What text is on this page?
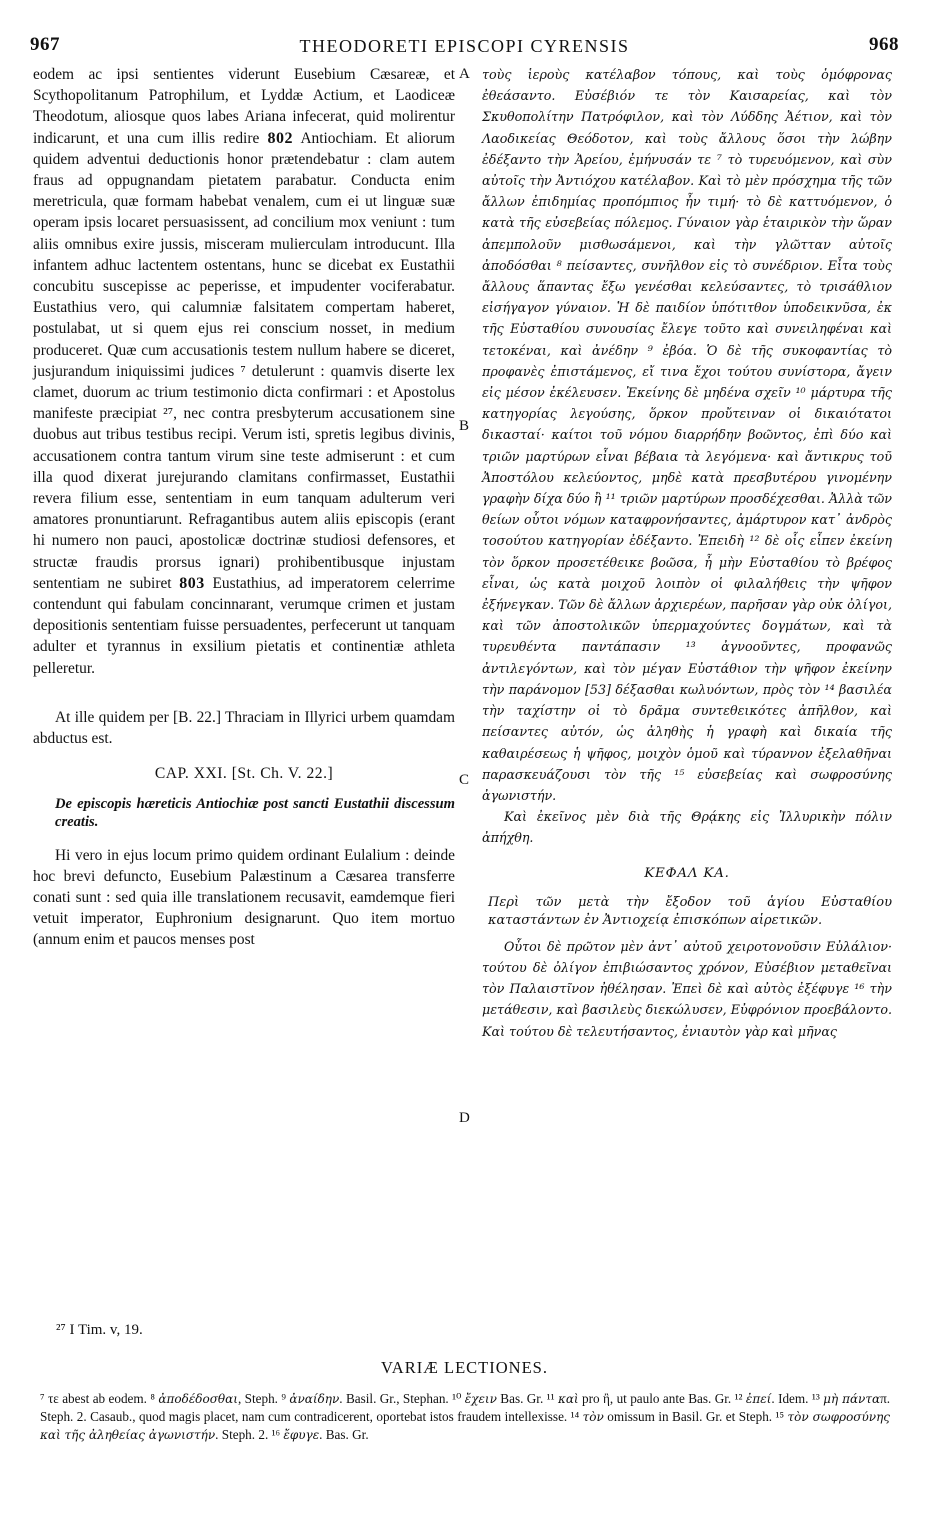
967	THEODORETI EPISCOPI CYRENSIS	968
A
B
C
D

eodem ac ipsi sentientes viderunt Eusebium Cæsareæ, et Scythopolitanum Patrophilum, et Lyddæ Actium, et Laodiceæ Theodotum, aliosque quos labes Ariana infecerat, quid molirentur indicarunt, et una cum illis redire 802 Antiochiam. Et aliorum quidem adventui deductionis honor prætendebatur : clam autem fraus ad oppugnandam pietatem parabatur. Conducta enim meretricula, quæ formam habebat venalem, cum ei ut linguæ suæ operam ipsis locaret persuasissent, ad concilium mox veniunt : tum aliis omnibus exire jussis, misceram mulierculam introducunt. Illa infantem adhuc lactentem ostentans, hunc se dicebat ex Eustathii concubitu suscepisse ac peperisse, et impudenter vociferabatur. Eustathius vero, qui calumniæ falsitatem compertam haberet, postulabat, ut si quem ejus rei conscium nosset, in medium produceret. Quæ cum accusationis testem nullum habere se diceret, jusjurandum iniquissimi judices ⁷ detulerunt : quamvis diserte lex clamet, duorum ac trium testimonio dicta confirmari : et Apostolus manifeste præcipiat ²⁷, nec contra presbyterum accusationem sine duobus aut tribus testibus recipi. Verum isti, spretis legibus divinis, accusationem contra tantum virum sine teste admiserunt : et cum illa quod dixerat jurejurando clamitans confirmasset, Eustathii revera filium esse, sententiam in eum tanquam adulterum veri amatores pronuntiarunt. Refragantibus autem aliis episcopis (erant hi numero non pauci, apostolicæ doctrinæ studiosi defensores, et structæ fraudis prorsus ignari) prohibentibusque injustam sententiam ne subiret 803 Eustathius, ad imperatorem celerrime contendunt qui fabulam concinnarant, verumque crimen et justam depositionis sententiam fuisse persuadentes, perfecerunt ut tanquam adulter et tyrannus in exsilium pietatis et continentiæ athleta pelleretur.

At ille quidem per [B. 22.] Thraciam in Illyrici urbem quamdam abductus est.

CAP. XXI. [St. Ch. V. 22.]
De episcopis hæreticis Antiochiæ post sancti Eustathii discessum creatis.

Hi vero in ejus locum primo quidem ordinant Eulalium : deinde hoc brevi defuncto, Eusebium Palæstinum a Cæsarea transferre conati sunt : sed quia ille translationem recusavit, eamdemque fieri vetuit imperator, Euphronium designarunt. Quo item mortuo (annum enim et paucos menses post

τοὺς ἱεροὺς κατέλαβον τόπους, καὶ τοὺς ὁμόφρονας ἐθεάσαντο. Εὐσέβιόν τε τὸν Καισαρείας, καὶ τὸν Σκυθοπολίτην Πατρόφιλον, καὶ τὸν Λύδδης Ἀέτιον, καὶ τὸν Λαοδικείας Θεόδοτον, καὶ τοὺς ἄλλους ὅσοι τὴν λώβην ἐδέξαντο τὴν Ἀρείου, ἐμήνυσάν τε ⁷ τὸ τυρευόμενον, καὶ σὺν αὐτοῖς τὴν Ἀντιόχου κατέλαβον. Καὶ τὸ μὲν πρόσχημα τῆς τῶν ἄλλων ἐπιδημίας προπόμπιος ἦν τιμή· τὸ δὲ καττυόμενον, ὁ κατὰ τῆς εὐσεβείας πόλεμος. Γύναιον γὰρ ἑταιρικὸν τὴν ὥραν ἀπεμπολοῦν μισθωσάμενοι, καὶ τὴν γλῶτταν αὐτοῖς ἀποδόσθαι ⁸ πείσαντες, συνῆλθον εἰς τὸ συνέδριον. Εἶτα τοὺς ἄλλους ἅπαντας ἔξω γενέσθαι κελεύσαντες, τὸ τρισάθλιον εἰσήγαγον γύναιον. Ἡ δὲ παιδίον ὑπότιτθον ὑποδεικνῦσα, ἐκ τῆς Εὐσταθίου συνουσίας ἔλεγε τοῦτο καὶ συνειληφέναι καὶ τετοκέναι, καὶ ἀνέδην ⁹ ἐβόα. Ὁ δὲ τῆς συκοφαντίας τὸ προφανὲς ἐπιστάμενος, εἴ τινα ἔχοι τούτου συνίστορα, ἄγειν εἰς μέσον ἐκέλευσεν. Ἐκείνης δὲ μηδένα σχεῖν ¹⁰ μάρτυρα τῆς κατηγορίας λεγούσης, ὅρκον προὔτειναν οἱ δικαιότατοι δικασταί· καίτοι τοῦ νόμου διαρρήδην βοῶντος, ἐπὶ δύο καὶ τριῶν μαρτύρων εἶναι βέβαια τὰ λεγόμενα· καὶ ἄντικρυς τοῦ Ἀποστόλου κελεύοντος, μηδὲ κατὰ πρεσβυτέρου γινομένην γραφὴν δίχα δύο ἢ ¹¹ τριῶν μαρτύρων προσδέχεσθαι. Ἀλλὰ τῶν θείων οὗτοι νόμων καταφρονήσαντες, ἀμάρτυρον κατ᾿ ἀνδρὸς τοσούτου κατηγορίαν ἐδέξαντο. Ἐπειδὴ ¹² δὲ οἷς εἶπεν ἐκείνη τὸν ὅρκον προσετέθεικε βοῶσα, ἦ μὴν Εὐσταθίου τὸ βρέφος εἶναι, ὡς κατὰ μοιχοῦ λοιπὸν οἱ φιλαλήθεις τὴν ψῆφον ἐξήνεγκαν. Τῶν δὲ ἄλλων ἀρχιερέων, παρῆσαν γὰρ οὐκ ὀλίγοι, καὶ τῶν ἀποστολικῶν ὑπερμαχούντες δογμάτων, καὶ τὰ τυρευθέντα παντάπασιν ¹³ ἀγνοοῦντες, προφανῶς ἀντιλεγόντων, καὶ τὸν μέγαν Εὐστάθιον τὴν ψῆφον ἐκείνην τὴν παράνομον [53] δέξασθαι κωλυόντων, πρὸς τὸν ¹⁴ βασιλέα τὴν ταχίστην οἱ τὸ δρᾶμα συντεθεικότες ἀπῆλθον, καὶ πείσαντες αὐτόν, ὡς ἀληθὴς ἡ γραφὴ καὶ δικαία τῆς καθαιρέσεως ἡ ψῆφος, μοιχὸν ὁμοῦ καὶ τύραννον ἐξελαθῆναι παρασκευάζουσι τὸν τῆς ¹⁵ εὐσεβείας καὶ σωφροσύνης ἀγωνιστήν.

Καὶ ἐκεῖνος μὲν διὰ τῆς Θρᾴκης εἰς Ἰλλυρικὴν πόλιν ἀπήχθη.

ΚΕΦΑΛ ΚΑ.
Περὶ τῶν μετὰ τὴν ἔξοδον τοῦ ἁγίου Εὐσταθίου καταστάντων ἐν Ἀντιοχείᾳ ἐπισκόπων αἱρετικῶν.

Οὗτοι δὲ πρῶτον μὲν ἀντ᾿ αὐτοῦ χειροτονοῦσιν Εὐλάλιον· τούτου δὲ ὀλίγον ἐπιβιώσαντος χρόνον, Εὐσέβιον μεταθεῖναι τὸν Παλαιστῖνον ἠθέλησαν. Ἐπεὶ δὲ καὶ αὐτὸς ἐξέφυγε ¹⁶ τὴν μετάθεσιν, καὶ βασιλεὺς διεκώλυσεν, Εὐφρόνιον προεβάλοντο. Καὶ τούτου δὲ τελευτήσαντος, ἐνιαυτὸν γὰρ καὶ μῆνας

²⁷ I Tim. v, 19.
VARIÆ LECTIONES.
⁷ τε abest ab eodem. ⁸ ἀποδέδοσθαι, Steph. ⁹ ἀναίδην. Basil. Gr., Stephan. ¹⁰ ἔχειν Bas. Gr. ¹¹ καὶ pro ἢ, ut paulo ante Bas. Gr. ¹² ἐπεί. Idem. ¹³ μὴ πάνταπ. Steph. 2. Casaub., quod magis placet, nam cum contradicerent, oportebat istos fraudem intellexisse. ¹⁴ τὸν omissum in Basil. Gr. et Steph. ¹⁵ τὸν σωφροσύνης καὶ τῆς ἀληθείας ἀγωνιστήν. Steph. 2. ¹⁶ ἔφυγε. Bas. Gr.
